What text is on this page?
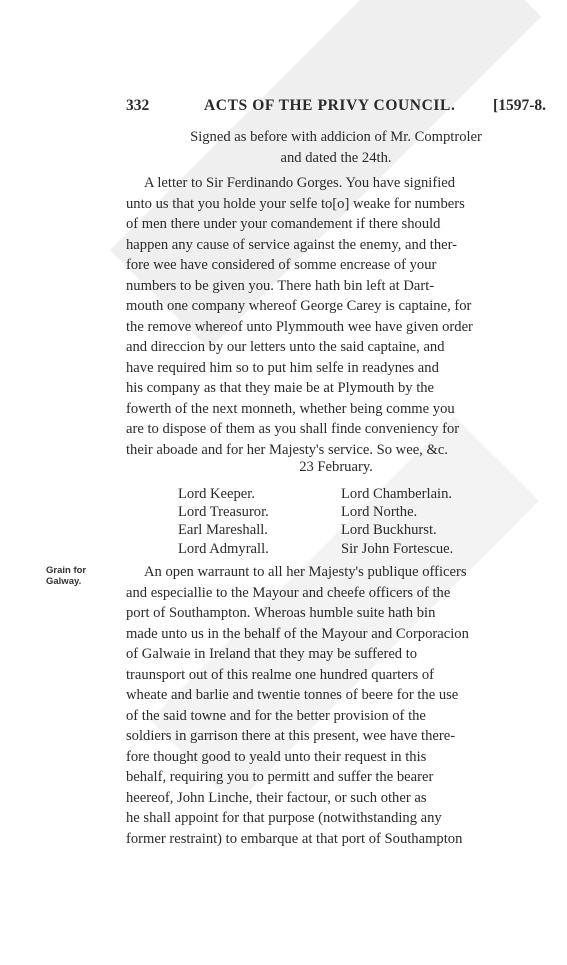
332	ACTS OF THE PRIVY COUNCIL. [1597-8.
Signed as before with addicion of Mr. Comptroler
and dated the 24th.
A letter to Sir Ferdinando Gorges. You have signified
unto us that you holde your selfe to[o] weake for numbers
of men there under your comandement if there should
happen any cause of service against the enemy, and ther-
fore wee have considered of somme encrease of your
numbers to be given you. There hath bin left at Dart-
mouth one company whereof George Carey is captaine, for
the remove whereof unto Plymmouth wee have given order
and direccion by our letters unto the said captaine, and
have required him so to put him selfe in readynes and
his company as that they maie be at Plymouth by the
fowerth of the next monneth, whether being comme you
are to dispose of them as you shall finde conveniency for
their aboade and for her Majesty's service. So wee, &c.
23 February.
Lord Keeper.	Lord Chamberlain.
Lord Treasuror.	Lord Northe.
Earl Mareshall.	Lord Buckhurst.
Lord Admyrall.	Sir John Fortescue.
Grain for
Galway.
An open warraunt to all her Majesty's publique officers
and especiallie to the Mayour and cheefe officers of the
port of Southampton. Wheroas humble suite hath bin
made unto us in the behalf of the Mayour and Corporacion
of Galwaie in Ireland that they may be suffered to
traunsport out of this realme one hundred quarters of
wheate and barlie and twentie tonnes of beere for the use
of the said towne and for the better provision of the
soldiers in garrison there at this present, wee have there-
fore thought good to yeald unto their request in this
behalf, requiring you to permitt and suffer the bearer
heereof, John Linche, their factour, or such other as
he shall appoint for that purpose (notwithstanding any
former restraint) to embarque at that port of Southampton
